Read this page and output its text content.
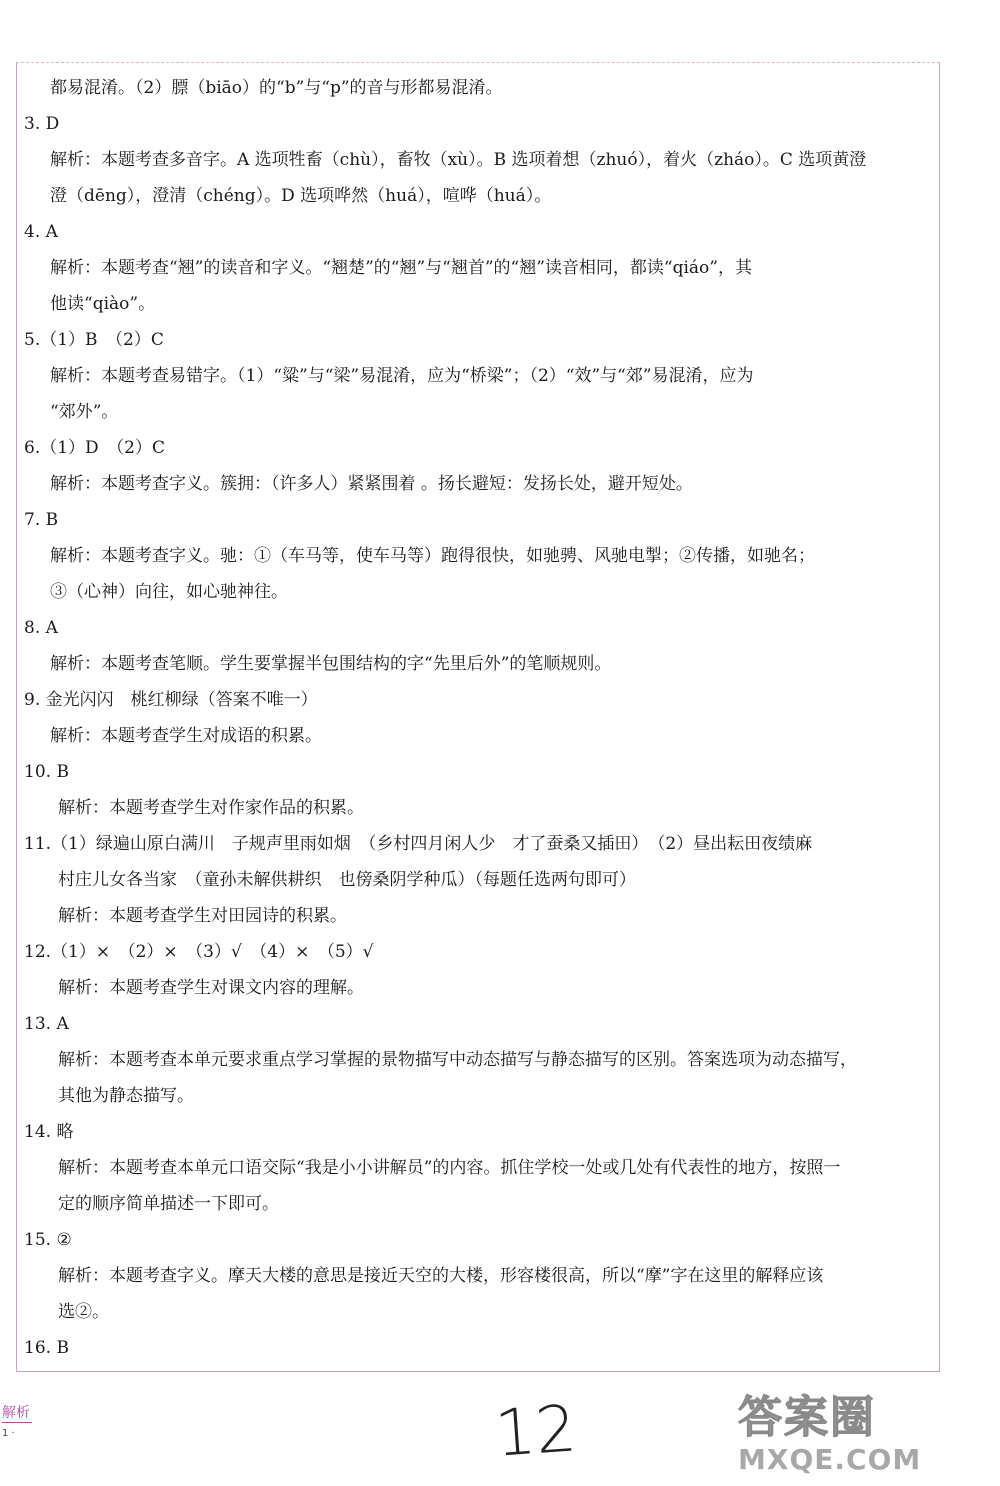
都易混淆。（2）膘（biāo）的“b”与“p”的音与形都易混淆。
3. D
解析：本题考查多音字。A 选项牲畜（chù），畜牧（xù）。B 选项着想（zhuó），着火（zháo）。C 选项黄澄
澄（dēng），澄清（chéng）。D 选项哗然（huá），喧哗（huá）。
4. A
解析：本题考查“翘”的读音和字义。“翘楚”的“翘”与“翘首”的“翘”读音相同，都读“qiáo”，其
他读“qiào”。
5.（1）B　（2）C
解析：本题考查易错字。（1）“粱”与“梁”易混淆，应为“桥梁”；（2）“效”与“郊”易混淆，应为
“郊外”。
6.（1）D　（2）C
解析：本题考查字义。簇拥：（许多人）紧紧围着 。扬长避短：发扬长处，避开短处。
7. B
解析：本题考查字义。驰：①（车马等，使车马等）跑得很快，如驰骋、风驰电掣；②传播，如驰名；
③（心神）向往，如心驰神往。
8. A
解析：本题考查笔顺。学生要掌握半包围结构的字“先里后外”的笔顺规则。
9. 金光闪闪　桃红柳绿（答案不唯一）
解析：本题考查学生对成语的积累。
10. B
解析：本题考查学生对作家作品的积累。
11.（1）绿遍山原白满川　子规声里雨如烟　（乡村四月闲人少　才了蚕桑又插田）　（2）昼出耘田夜绩麻
村庄儿女各当家　（童孙未解供耕织　也傍桑阴学种瓜）（每题任选两句即可）
解析：本题考查学生对田园诗的积累。
12.（1）×　（2）×　（3）√　（4）×　（5）√
解析：本题考查学生对课文内容的理解。
13. A
解析：本题考查本单元要求重点学习掌握的景物描写中动态描写与静态描写的区别。答案选项为动态描写，
其他为静态描写。
14. 略
解析：本题考查本单元口语交际“我是小小讲解员”的内容。抓住学校一处或几处有代表性的地方，按照一
定的顺序简单描述一下即可。
15. ②
解析：本题考查字义。摩天大楼的意思是接近天空的大楼，形容楼很高，所以“摩”字在这里的解释应该
选②。
16. B
解析
1 ·	12	答案圈
MXQE.COM
